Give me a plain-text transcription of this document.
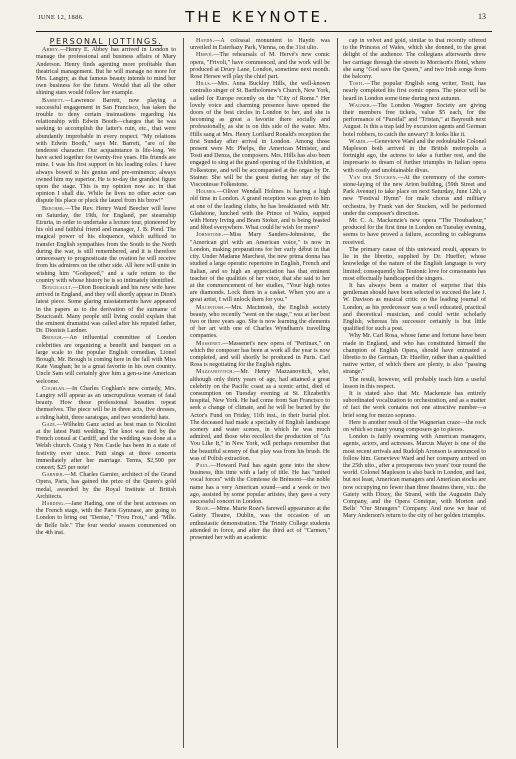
JUNE 12, 1886.	THE KEYNOTE.	13
PERSONAL JOTTINGS.

Abbey.—Henry E. Abbey has arrived in London to manage the professional and business affairs of Mary Anderson. Henry finds agenting more profitable than theatrical management. But he will manage no more for Mrs. Langtry, as that famous beauty intends to mind her own business for the future. Would that all the other shining stars would follow her example.

Barrett.—Lawrence Barrett, now playing a successful engagement in San Francisco, has taken the trouble to deny certain insinuations regarding his relationship with Edwin Booth—charges that he was seeking to accomplish the latter's ruin, etc., that were abundantly improbable in every respect. "My relations with Edwin Booth," says Mr. Barrett, "are of the tenderest character. Our acquaintance is life-long. We have acted together for twenty-five years. His friends are mine. I was his first support in his leading roles. I have always bowed to his genius and pre-eminence; always owned him my superior. He is to-day the grandest figure upon the stage. This is my opinion now as: in that opinion I shall die. While he lives no other actor can dispute his place or pluck the laurel from his brow!"

Beecher.—The Rev. Henry Ward Beecher will leave on Saturday, the 19th, for England, per steamship Etruria, in order to undertake a lecture tour, pioneered by his old and faithful friend and manager, J. B. Pond. The magical power of his eloquence, which sufficed to transfer English sympathies from the South to the North during the war, is still remembered, and it is therefore unnecessary to prognosticate the ovation he will receive from his admirers on the other side. All here will unite in wishing him "Godspeed," and a safe return to the country with whose history he is so intimately identified.

Boucicault.—Dion Boucicault and his new wife have arrived in England, and they will shortly appear in Dion's latest piece. Some glaring misstatements have appeared in the papers as to the derivation of the surname of Boucicault. Many people still living could explain that the eminent dramatist was called after his reputed father, Dr. Dionisis Lardner.

Brough.—An influential committee of London celebrities are organizing a benefit and banquet on a large scale to the popular English comedian, Lionel Brough. Mr. Brough is coming here in the fall with Miss Kate Vaughan; he is a great favorite in his own country. Uncle Sam will certainly give him a gen-u-ine American welcome.

Coghlan.—In Charles Coghlan's new comedy, Mrs. Langtry will appear as an unscrupulous woman of fatal beauty. How these professional beauties repeat themselves. The piece will be in three acts, five dresses, a riding habit, three saratogas, and two wonderful hats.

Gaze.—Wilhelm Ganz acted as best man to Nicolini at the latest Patti wedding. The knot was tied by the French consul at Cardiff, and the wedding was done at a Welsh church. Craig y Nos Castle has been in a state of festivity ever since. Patti sings at three concerts immediately after her marriage. Terms, $2,500 per concert; $25 per note!

Garnier.—M. Charles Garnier, architect of the Grand Opera, Paris, has gained the prize of the Queen's gold medal, awarded by the Royal Institute of British Architects.

Harding.—Jane Hading, one of the best actresses on the French stage, with the Paris Gymnase, are going to London to bring out "Denise," "Frou Frou," and "Mlle. de Belle Isle." The four weeks' season commenced on the 4th inst.

Haydn.—A colossal monument to Haydn was unveiled in Esterhazy Park, Vienna, on the 31st ulto.

Hervé.—The rehearsals of M. Hervé's new comic opera, "Frivoli," have commenced, and the work will be produced at Drury Lane, London, sometime next month. Rose Hersee will play the chief part.

Hills.—Mrs. Anna Buckley Hills, the well-known contralto singer of St. Bartholomew's Church, New York, sailed for Europe recently on the "City of Rome." Her lovely voice and charming presence have opened the doors of the best circles in London to her, and she is becoming as great a favorite there socially and professionally, as she is on this side of the water. Mrs. Hills sang at Mrs. Henry Loriliard Ronald's reception the first Sunday after arrival in London. Among those present were Mr. Phelps, the American Minister, and Tosti and Denza, the composers. Mrs. Hills has also been engaged to sing at the grand opening of the Exhibition, at Folkestone, and will be accompanied at the organ by Dr. Stainer. She will be the guest during her stay of the Viscontesse Folkestone.

Holmes.—Oliver Wendall Holmes is having a high old time in London. A grand reception was given to him at one of the leading clubs, he has breakfasted with Mr. Gladstone, lunched with the Prince of Wales, supped with Henry Irving and Bram Stoker, and is being feasted and fêted everywhere. What could he wish for more?

Johnstone.—Miss Mary Sanders-Johnstone, the "American girl with an American voice," is now in London, making preparations for her early début in that city. Under Madame Marchesi, the new prima donna has studied a large operatic repertoire in English, French and Italian, and so high an appreciation has that eminent teacher of the qualities of her voice, that she said to her at the commencement of her studies, "Your high notes are diamonds. Lock them in a casket. When you are a great artist, I will unlock them for you."

Macintosh.—Mrs. Macintosh, the English society beauty, who recently "went on the stage," was at her best two or three years ago. She is now learning the elements of her art with one of Charles Wyndham's travelling companies.

Massenet.—Massenet's new opera of "Pertinax," on which the composer has been at work all the year is now completed, and will shortly be produced in Paris. Carl Rosa is negotiating for the English rights.

Mazzanovitch.—Mr. Henry Mazzanovitch, who, although only thirty years of age, had attained a great celebrity on the Pacific coast as a scenic artist, died of consumption on Tuesday evening at St. Elizabeth's hospital, New York. He had come from San Francisco to seek a change of climate, and he will be buried by the Actor's Fund on Friday, 11th inst., in their burial plot. The deceased had made a specialty of English landscape scenery and water scenes, in which he was much admired, and those who recollect the production of "As You Like It," in New York, will perhaps remember that the beautiful scenery of that play was from his brush. He was of Polish extraction.

Paul.—Howard Paul has again gone into the show business, this time with a lady of title. He has "united vocal forces" with the Comtesse de Brémont—the noble name has a very American sound—and a week or two ago, assisted by some popular artistes, they gave a very successful concert in London.

Roze.—Mme. Marie Roze's farewell appearance at the Gaiety Theatre, Dublin, was the occasion of an enthusiastic demonstration. The Trinity College students attended in force, and after the third act of "Carmen," presented her with an academic

cap in velvet and gold, similar to that recently offered to the Princess of Wales, which she donned, to the great delight of the audience. The collegians afterwards drew her carriage through the streets to Morrison's Hotel, where she sang "God save the Queen," and two Irish songs from the balcony.

Tosti.—The popular English song writer, Tosti, has nearly completed his first comic opera. The piece will be heard in London some time during next autumn.

Wagner.—The London Wagner Society are giving their members free tickets, value $5 each, for the performance of "Parsifal" and "Tristan," at Bayreuth next August. Is this a trap laid by excursion agents and German hotel robbers, to catch the unwary? It looks like it.

Wardl.—Genevieve Ward and the redoubtable Colonel Mapleson both arrived in the British metropolis a fortnight ago, the actress to take a further rest, and the impresario to dream of further triumphs in Italian opera with costly and unobtainable divas.

Van der Stucken.—At the ceremony of the corner-stone-laying of the new Arion building, (59th Street and Park Avenue) to take place on next Saturday, June 12th, a new "Festival Hymn" for male chorus and military orchestra, by Frank van der Stucken, will be performed under the composer's direction.

Mr. C. A. Mackenzie's new opera "The Troubadour," produced for the first time in London on Tuesday evening, seems to have proved a failure, according to cablegrams received.

The primary cause of this untoward result, appears to lie in the libretto, supplied by Dr. Hueffer, whose knowledge of the nature of the English language is very limited; consequently his Teutonic love for consonants has most effectually handicapped the singers.

It has always been a matter of surprise that this gentleman should have been selected to succeed the late J. W. Davison as musical critic on the leading journal of London, as his predecessor was a well educated, practical and theoretical musician, and could write scholarly English, whereas his successor certainly is but little qualified for such a post.

Why Mr. Carl Rosa, whose fame and fortune have been made in England, and who has constituted himself the champion of English Opera, should have entrusted a libretto to the German, Dr. Hueffer, rather than a qualified native writer, of which there are plenty, is also "passing strange."

The result, however, will probably teach him a useful lesson in this respect.

It is stated also that Mr. Mackenzie has entirely subordinated vocalization to orchestration, and as a matter of fact the work contains not one attractive number—a brief song for mezzo soprano.

Here is another result of the Wagnerian craze—the rock on which so many young composers go to pieces.

London is fairly swarming with American managers, agents, actors, and actresses. Marcus Mayer is one of the most recent arrivals and Rudolph Aronson is announced to follow him. Genevieve Ward and her company arrived on the 25th ulto., after a prosperous two years' tour round the world. Colonel Mapleson is also back in London, and last, but not least, American managers and American stocks are now occupying no fewer than three theatres there, viz.: the Gaiety with Dixey, the Strand, with the Augustin Daly Company, and the Opera Comique, with Morton and Bells' "Our Strangers" Company. And now we hear of Mary Anderson's return to the city of her golden triumphs.
